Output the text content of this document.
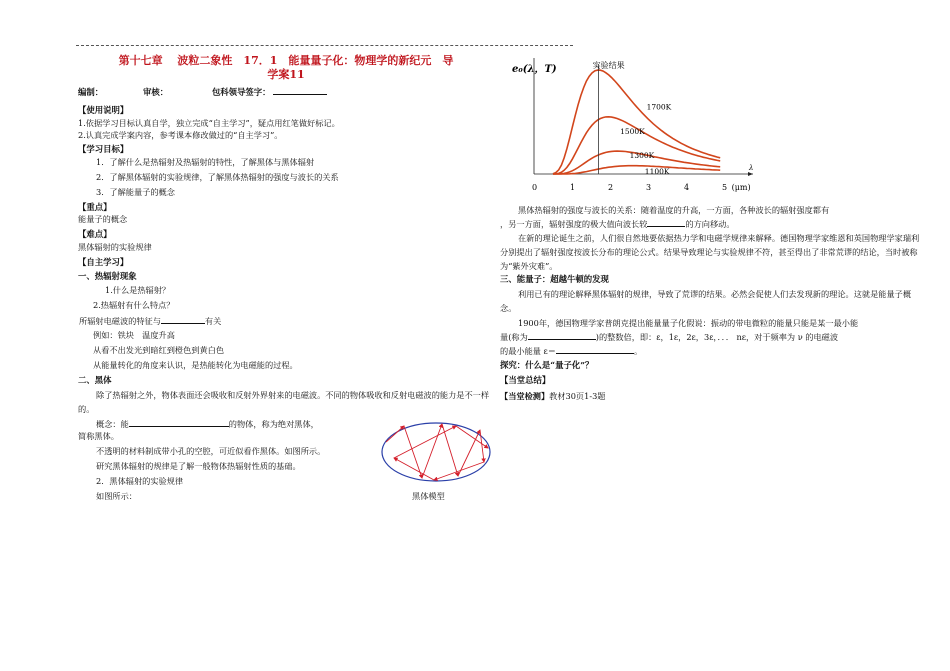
第十七章　 波粒二象性　17．1　能量量子化：物理学的新纪元　导
学案11
编制：	审核：	包科领导签字：
【使用说明】
1.依据学习目标认真自学，独立完成“自主学习”，疑点用红笔做好标记。
2.认真完成学案内容，参考课本修改做过的“自主学习”。
【学习目标】
1．了解什么是热辐射及热辐射的特性，了解黑体与黑体辐射
2．了解黑体辐射的实验规律，了解黑体热辐射的强度与波长的关系
3．了解能量子的概念
【重点】
能量子的概念
【难点】
黑体辐射的实验规律
【自主学习】
一、热辐射现象
1.什么是热辐射？
2.热辐射有什么特点？
所辐射电磁波的特征与	有关
例如：铁块　温度升高
从看不出发光到暗红到橙色到黄白色
从能量转化的角度来认识，是热能转化为电磁能的过程。
二、黑体
除了热辐射之外，物体表面还会吸收和反射外界射来的电磁波。不同的物体吸收和反射电磁波的能力是不一样的。
概念：能	的物体，称为绝对黑体，
简称黑体。
不透明的材料制成带小孔的空腔，可近似看作黑体。如图所示。
研究黑体辐射的规律是了解一般物体热辐射性质的基础。
2．黑体辐射的实验规律
如图所示：	黑体模型
λ
e₀(λ，T)
0	1	2	3	4	5 (μm)
1700K
1500K
1300K
1100K
实验结果
黑体热辐射的强度与波长的关系：随着温度的升高，一方面，各种波长的辐射强度都有
，另一方面，辐射强度的极大值向波长较	的方向移动。
在新的理论诞生之前，人们很自然地要依据热力学和电磁学规律来解释。德国物理学家维恩和英国物理学家瑞利分别提出了辐射强度按波长分布的理论公式。结果导致理论与实验规律不符，甚至得出了非常荒谬的结论，当时被称为“紫外灾难”。
三、能量子：超越牛顿的发现
利用已有的理论解释黑体辐射的规律，导致了荒谬的结果。必然会促使人们去发现新的理论。这就是能量子概念。
1900年，德国物理学家普朗克提出能量量子化假说：振动的带电微粒的能量只能是某一最小能
量(称为	)的整数倍，即：ε，1ε，2ε，3ε，．．． nε，对于频率为 ν 的电磁波
的最小能量 ε＝	。
探究：什么是“量子化”？
【当堂总结】
【当堂检测】教材30页1-3题
